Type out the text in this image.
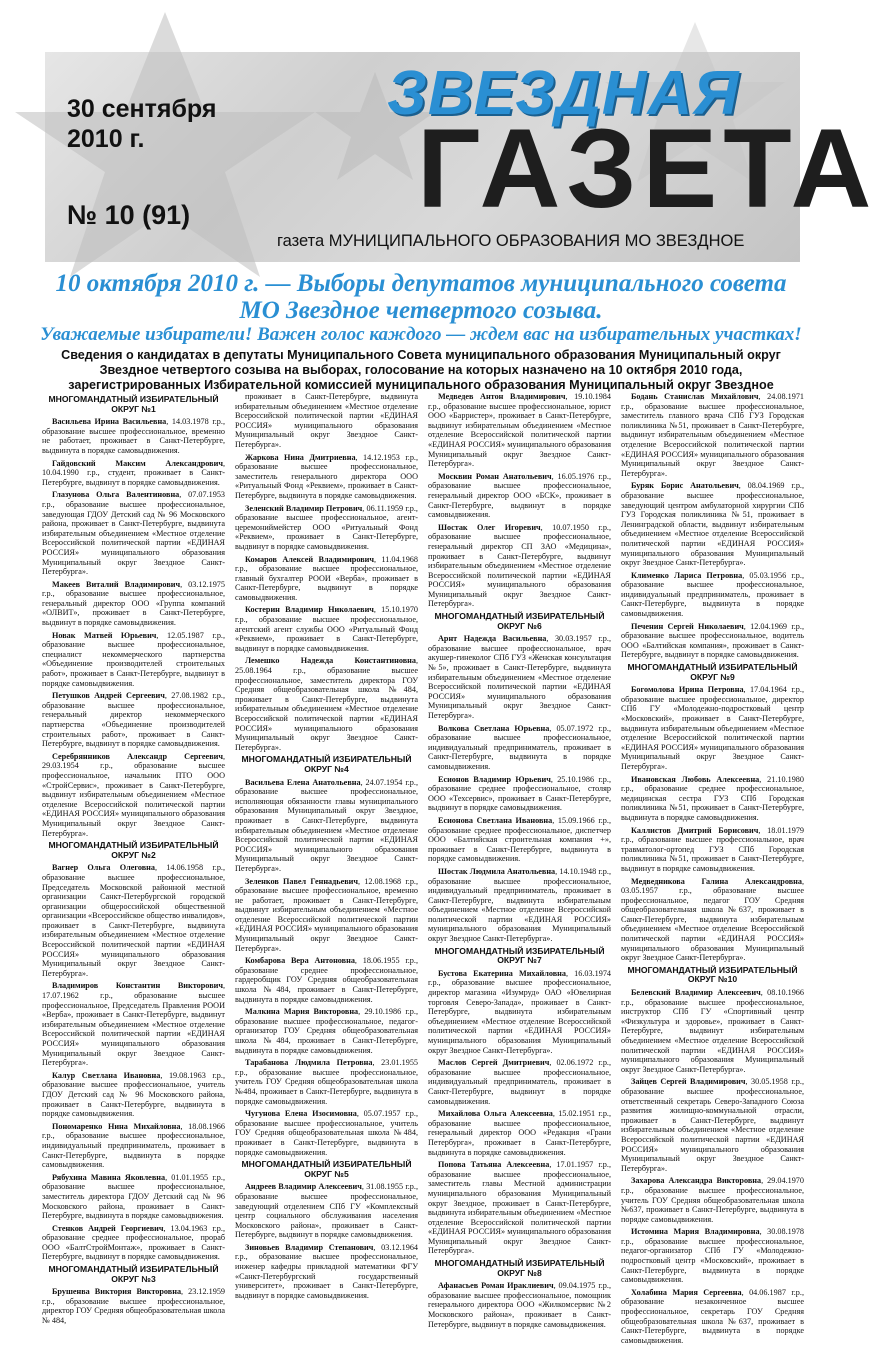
30 сентября 2010 г.
№ 10 (91)
ЗВЕЗДНАЯ
ГАЗЕТА
газета МУНИЦИПАЛЬНОГО ОБРАЗОВАНИЯ МО ЗВЕЗДНОЕ
10 октября 2010 г. — Выборы депутатов муниципального совета
МО Звездное четвертого созыва.
Уважаемые избиратели! Важен голос каждого — ждем вас на избирательных участках!
Сведения о кандидатах в депутаты Муниципального Совета муниципального образования Муниципальный округ Звездное четвертого созыва на выборах, голосование на которых назначено на 10 октября 2010 года, зарегистрированных Избирательной комиссией муниципального образования Муниципальный округ Звездное
МНОГОМАНДАТНЫЙ ИЗБИРАТЕЛЬНЫЙ ОКРУГ №1

Васильева Ирина Васильевна, 14.03.1978 г.р., образование высшее профессиональное, временно не работает, проживает в Санкт-Петербурге, выдвинута в порядке самовыдвижения.

Гайдовский Максим Александрович, 10.04.1990 г.р., студент, проживает в Санкт-Петербурге, выдвинут в порядке самовыдвижения.

Глазунова Ольга Валентиновна, 07.07.1953 г.р., образование высшее профессиональное, заведующая ГДОУ Детский сад № 96 Московского района, проживает в Санкт-Петербурге, выдвинута избирательным объединением «Местное отделение Всероссийской политической партии «ЕДИНАЯ РОССИЯ» муниципального образования Муниципальный округ Звездное Санкт-Петербурга».

Макеев Виталий Владимирович, 03.12.1975 г.р., образование высшее профессиональное, генеральный директор ООО «Группа компаний «ОЛВИТ», проживает в Санкт-Петербурге, выдвинут в порядке самовыдвижения.

Новак Матвей Юрьевич, 12.05.1987 г.р., образование высшее профессиональное, специалист некоммерческого партнерства «Объединение производителей строительных работ», проживает в Санкт-Петербурге, выдвинут в порядке самовыдвижения.

Петушков Андрей Сергеевич, 27.08.1982 г.р., образование высшее профессиональное, генеральный директор некоммерческого партнерства «Объединение производителей строительных работ», проживает в Санкт-Петербурге, выдвинут в порядке самовыдвижения.

Серебрянников Александр Сергеевич, 29.03.1954 г.р., образование высшее профессиональное, начальник ПТО ООО «СтройСервис», проживает в Санкт-Петербурге, выдвинут избирательным объединением «Местное отделение Всероссийской политической партии «ЕДИНАЯ РОССИЯ» муниципального образования Муниципальный округ Звездное Санкт-Петербурга».

МНОГОМАНДАТНЫЙ ИЗБИРАТЕЛЬНЫЙ ОКРУГ №2

Вагнер Ольга Олеговна, 14.06.1958 г.р., образование высшее профессиональное, Председатель Московской районной местной организации Санкт-Петербургской городской организации общероссийской общественной организации «Всероссийское общество инвалидов», проживает в Санкт-Петербурге, выдвинута избирательным объединением «Местное отделение Всероссийской политической партии «ЕДИНАЯ РОССИЯ» муниципального образования Муниципальный округ Звездное Санкт-Петербурга».

Владимиров Константин Викторович, 17.07.1962 г.р., образование высшее профессиональное, Председатель Правления РООИ «Верба», проживает в Санкт-Петербурге, выдвинут избирательным объединением «Местное отделение Всероссийской политической партии «ЕДИНАЯ РОССИЯ» муниципального образования Муниципальный округ Звездное Санкт-Петербурга».

Калур Светлана Ивановна, 19.08.1963 г.р., образование высшее профессиональное, учитель ГДОУ Детский сад № 96 Московского района, проживает в Санкт-Петербурге, выдвинута в порядке самовыдвижения.

Пономаренко Нина Михайловна, 18.08.1966 г.р., образование высшее профессиональное, индивидуальный предприниматель, проживает в Санкт-Петербурге, выдвинута в порядке самовыдвижения.

Рябухина Мавина Яковлевна, 01.01.1955 г.р., образование высшее профессиональное, заместитель директора ГДОУ Детский сад № 96 Московского района, проживает в Санкт-Петербурге, выдвинута в порядке самовыдвижения.

Стенков Андрей Георгиевич, 13.04.1963 г.р., образование среднее профессиональное, прораб ООО «БалтСтройМонтаж», проживает в Санкт-Петербурге, выдвинут в порядке самовыдвижения.

МНОГОМАНДАТНЫЙ ИЗБИРАТЕЛЬНЫЙ ОКРУГ №3

Брушенва Виктория Викторовна, 23.12.1959 г.р., образование высшее профессиональное, директор ГОУ Средняя общеобразовательная школа № 484,

проживает в Санкт-Петербурге, выдвинута избирательным объединением «Местное отделение Всероссийской политической партии «ЕДИНАЯ РОССИЯ» муниципального образования Муниципальный округ Звездное Санкт-Петербурга».

Жаркова Нина Дмитриевна, 14.12.1953 г.р., образование высшее профессиональное, заместитель генерального директора ООО «Ритуальный Фонд «Реквием», проживает в Санкт-Петербурге, выдвинута в порядке самовыдвижения.

Зеленский Владимир Петрович, 06.11.1959 г.р., образование высшее профессиональное, агент-церемониймейстер ООО «Ритуальный Фонд «Реквием», проживает в Санкт-Петербурге, выдвинут в порядке самовыдвижения.

Комаров Алексей Владимирович, 11.04.1968 г.р., образование высшее профессиональное, главный бухгалтер РООИ «Верба», проживает в Санкт-Петербурге, выдвинут в порядке самовыдвижения.

Костерин Владимир Николаевич, 15.10.1970 г.р., образование высшее профессиональное, агентский агент службы ООО «Ритуальный Фонд «Реквием», проживает в Санкт-Петербурге, выдвинут в порядке самовыдвижения.

Лемешко Надежда Константиновна, 25.08.1964 г.р., образование высшее профессиональное, заместитель директора ГОУ Средняя общеобразовательная школа №484, проживает в Санкт-Петербурге, выдвинута избирательным объединением «Местное отделение Всероссийской политической партии «ЕДИНАЯ РОССИЯ» муниципального образования Муниципальный округ Звездное Санкт-Петербурга».

МНОГОМАНДАТНЫЙ ИЗБИРАТЕЛЬНЫЙ ОКРУГ №4

Васильева Елена Анатольевна, 24.07.1954 г.р., образование высшее профессиональное, исполняющая обязанности главы муниципального образования Муниципальный округ Звездное, проживает в Санкт-Петербурге, выдвинута избирательным объединением «Местное отделение Всероссийской политической партии «ЕДИНАЯ РОССИЯ» муниципального образования Муниципальный округ Звездное Санкт-Петербурга».

Зеленков Павел Геннадьевич, 12.08.1968 г.р., образование высшее профессиональное, временно не работает, проживает в Санкт-Петербурге, выдвинут избирательным объединением «Местное отделение Всероссийской политической партии «ЕДИНАЯ РОССИЯ» муниципального образования Муниципальный округ Звездное Санкт-Петербурга».

Комбарова Вера Антоновна, 18.06.1955 г.р., образование среднее профессиональное, гардеробщик ГОУ Средняя общеобразовательная школа №484, проживает в Санкт-Петербурге, выдвинута в порядке самовыдвижения.

Малкина Мария Викторовна, 29.10.1986 г.р., образование высшее профессиональное, педагог-организатор ГОУ Средняя общеобразовательная школа №484, проживает в Санкт-Петербурге, выдвинута в порядке самовыдвижения.

Тарабанова Людмила Петровна, 23.01.1955 г.р., образование высшее профессиональное, учитель ГОУ Средняя общеобразовательная школа №484, проживает в Санкт-Петербурге, выдвинута в порядке самовыдвижения.

Чугунова Елена Изосимовна, 05.07.1957 г.р., образование высшее профессиональное, учитель ГОУ Средняя общеобразовательная школа №484, проживает в Санкт-Петербурге, выдвинута в порядке самовыдвижения.

МНОГОМАНДАТНЫЙ ИЗБИРАТЕЛЬНЫЙ ОКРУГ №5

Андреев Владимир Алексеевич, 31.08.1955 г.р., образование высшее профессиональное, заведующий отделением СПб ГУ «Комплексный центр социального обслуживания населения Московского района», проживает в Санкт-Петербурге, выдвинут в порядке самовыдвижения.

Зиновьев Владимир Степанович, 03.12.1964 г.р., образование высшее профессиональное, инженер кафедры прикладной математики ФГУ «Санкт-Петербургский государственный университет», проживает в Санкт-Петербурге, выдвинут в порядке самовыдвижения.

Медведев Антон Владимирович, 19.10.1984 г.р., образование высшее профессиональное, юрист ООО «Барристер», проживает в Санкт-Петербурге, выдвинут избирательным объединением «Местное отделение Всероссийской политической партии «ЕДИНАЯ РОССИЯ» муниципального образования Муниципальный округ Звездное Санкт-Петербурга».

Москвин Роман Анатольевич, 16.05.1976 г.р., образование высшее профессиональное, генеральный директор ООО «БСК», проживает в Санкт-Петербурге, выдвинут в порядке самовыдвижения.

Шостак Олег Игоревич, 10.07.1950 г.р., образование высшее профессиональное, генеральный директор СП ЗАО «Медицина», проживает в Санкт-Петербурге, выдвинут избирательным объединением «Местное отделение Всероссийской политической партии «ЕДИНАЯ РОССИЯ» муниципального образования Муниципальный округ Звездное Санкт-Петербурга».

МНОГОМАНДАТНЫЙ ИЗБИРАТЕЛЬНЫЙ ОКРУГ №6

Арнт Надежда Васильевна, 30.03.1957 г.р., образование высшее профессиональное, врач акушер-гинеколог СПб ГУЗ «Женская консультация №5», проживает в Санкт-Петербурге, выдвинута избирательным объединением «Местное отделение Всероссийской политической партии «ЕДИНАЯ РОССИЯ» муниципального образования Муниципальный округ Звездное Санкт-Петербурга».

Волкова Светлана Юрьевна, 05.07.1972 г.р., образование высшее профессиональное, индивидуальный предприниматель, проживает в Санкт-Петербурге, выдвинута в порядке самовыдвижения.

Есионов Владимир Юрьевич, 25.10.1986 г.р., образование среднее профессиональное, столяр ООО «Техсервис», проживает в Санкт-Петербурге, выдвинут в порядке самовыдвижения.

Есионова Светлана Ивановна, 15.09.1966 г.р., образование среднее профессиональное, диспетчер ООО «Балтийская строительная компания +», проживает в Санкт-Петербурге, выдвинута в порядке самовыдвижения.

Шостак Людмила Анатольевна, 14.10.1948 г.р., образование высшее профессиональное, индивидуальный предприниматель, проживает в Санкт-Петербурге, выдвинута избирательным объединением «Местное отделение Всероссийской политической партии «ЕДИНАЯ РОССИЯ» муниципального образования Муниципальный округ Звездное Санкт-Петербурга».

МНОГОМАНДАТНЫЙ ИЗБИРАТЕЛЬНЫЙ ОКРУГ №7

Бустова Екатерина Михайловна, 16.03.1974 г.р., образование высшее профессиональное, директор магазина «Изумруд» ОАО «Ювелирная торговля Северо-Запада», проживает в Санкт-Петербурге, выдвинута избирательным объединением «Местное отделение Всероссийской политической партии «ЕДИНАЯ РОССИЯ» муниципального образования Муниципальный округ Звездное Санкт-Петербурга».

Маслов Сергей Дмитриевич, 02.06.1972 г.р., образование высшее профессиональное, индивидуальный предприниматель, проживает в Санкт-Петербурге, выдвинут в порядке самовыдвижения.

Михайлова Ольга Алексеевна, 15.02.1951 г.р., образование высшее профессиональное, генеральный директор ООО «Редакция «Грани Петербурга», проживает в Санкт-Петербурге, выдвинута в порядке самовыдвижения.

Попова Татьяна Алексеевна, 17.01.1957 г.р., образование высшее профессиональное, заместитель главы Местной администрации муниципального образования Муниципальный округ Звездное, проживает в Санкт-Петербурге, выдвинута избирательным объединением «Местное отделение Всероссийской политической партии «ЕДИНАЯ РОССИЯ» муниципального образования Муниципальный округ Звездное Санкт-Петербурга».

МНОГОМАНДАТНЫЙ ИЗБИРАТЕЛЬНЫЙ ОКРУГ №8

Афанасьев Роман Ираклиевич, 09.04.1975 г.р., образование высшее профессиональное, помощник генерального директора ООО «Жилкомсервис №2 Московского района», проживает в Санкт-Петербурге, выдвинут в порядке самовыдвижения.

Бодань Станислав Михайлович, 24.08.1971 г.р., образование высшее профессиональное, заместитель главного врача СПб ГУЗ Городская поликлиника №51, проживает в Санкт-Петербурге, выдвинут избирательным объединением «Местное отделение Всероссийской политической партии «ЕДИНАЯ РОССИЯ» муниципального образования Муниципальный округ Звездное Санкт-Петербурга».

Буряк Борис Анатольевич, 08.04.1969 г.р., образование высшее профессиональное, заведующий центром амбулаторной хирургии СПб ГУЗ Городская поликлиника №51, проживает в Ленинградской области, выдвинут избирательным объединением «Местное отделение Всероссийской политической партии «ЕДИНАЯ РОССИЯ» муниципального образования Муниципальный округ Звездное Санкт-Петербурга».

Клименко Лариса Петровна, 05.03.1956 г.р., образование высшее профессиональное, индивидуальный предприниматель, проживает в Санкт-Петербурге, выдвинута в порядке самовыдвижения.

Печенин Сергей Николаевич, 12.04.1969 г.р., образование высшее профессиональное, водитель ООО «Балтийская компания», проживает в Санкт-Петербурге, выдвинут в порядке самовыдвижения.

МНОГОМАНДАТНЫЙ ИЗБИРАТЕЛЬНЫЙ ОКРУГ №9

Богомолова Ирина Петровна, 17.04.1964 г.р., образование высшее профессиональное, директор СПб ГУ «Молодежно-подростковый центр «Московский», проживает в Санкт-Петербурге, выдвинута избирательным объединением «Местное отделение Всероссийской политической партии «ЕДИНАЯ РОССИЯ» муниципального образования Муниципальный округ Звездное Санкт-Петербурга».

Ивановская Любовь Алексеевна, 21.10.1980 г.р., образование среднее профессиональное, медицинская сестра ГУЗ СПб Городская поликлиника №51, проживает в Санкт-Петербурге, выдвинута в порядке самовыдвижения.

Каллистов Дмитрий Борисович, 18.01.1979 г.р., образование высшее профессиональное, врач травматолог-ортопед ГУЗ СПб Городская поликлиника №51, проживает в Санкт-Петербурге, выдвинут в порядке самовыдвижения.

Медведникова Галина Александровна, 03.05.1957 г.р., образование высшее профессиональное, педагог ГОУ Средняя общеобразовательная школа №637, проживает в Санкт-Петербурге, выдвинута избирательным объединением «Местное отделение Всероссийской политической партии «ЕДИНАЯ РОССИЯ» муниципального образования Муниципальный округ Звездное Санкт-Петербурга».

МНОГОМАНДАТНЫЙ ИЗБИРАТЕЛЬНЫЙ ОКРУГ №10

Белевский Владимир Алексеевич, 08.10.1966 г.р., образование высшее профессиональное, инструктор СПб ГУ «Спортивный центр «Физкультура и здоровье», проживает в Санкт-Петербурге, выдвинут избирательным объединением «Местное отделение Всероссийской политической партии «ЕДИНАЯ РОССИЯ» муниципального образования Муниципальный округ Звездное Санкт-Петербурга».

Зайцев Сергей Владимирович, 30.05.1958 г.р., образование высшее профессиональное, ответственный секретарь Северо-Западного Союза развития жилищно-коммунальной отрасли, проживает в Санкт-Петербурге, выдвинут избирательным объединением «Местное отделение Всероссийской политической партии «ЕДИНАЯ РОССИЯ» муниципального образования Муниципальный округ Звездное Санкт-Петербурга».

Захарова Александра Викторовна, 29.04.1970 г.р., образование высшее профессиональное, учитель ГОУ Средняя общеобразовательная школа №637, проживает в Санкт-Петербурге, выдвинута в порядке самовыдвижения.

Истомина Мария Владимировна, 30.08.1978 г.р., образование высшее профессиональное, педагог-организатор СПб ГУ «Молодежно-подростковый центр «Московский», проживает в Санкт-Петербурге, выдвинута в порядке самовыдвижения.

Холабина Мария Сергеевна, 04.06.1987 г.р., образование незаконченное высшее профессиональное, секретарь ГОУ Средняя общеобразовательная школа №637, проживает в Санкт-Петербурге, выдвинута в порядке самовыдвижения.
